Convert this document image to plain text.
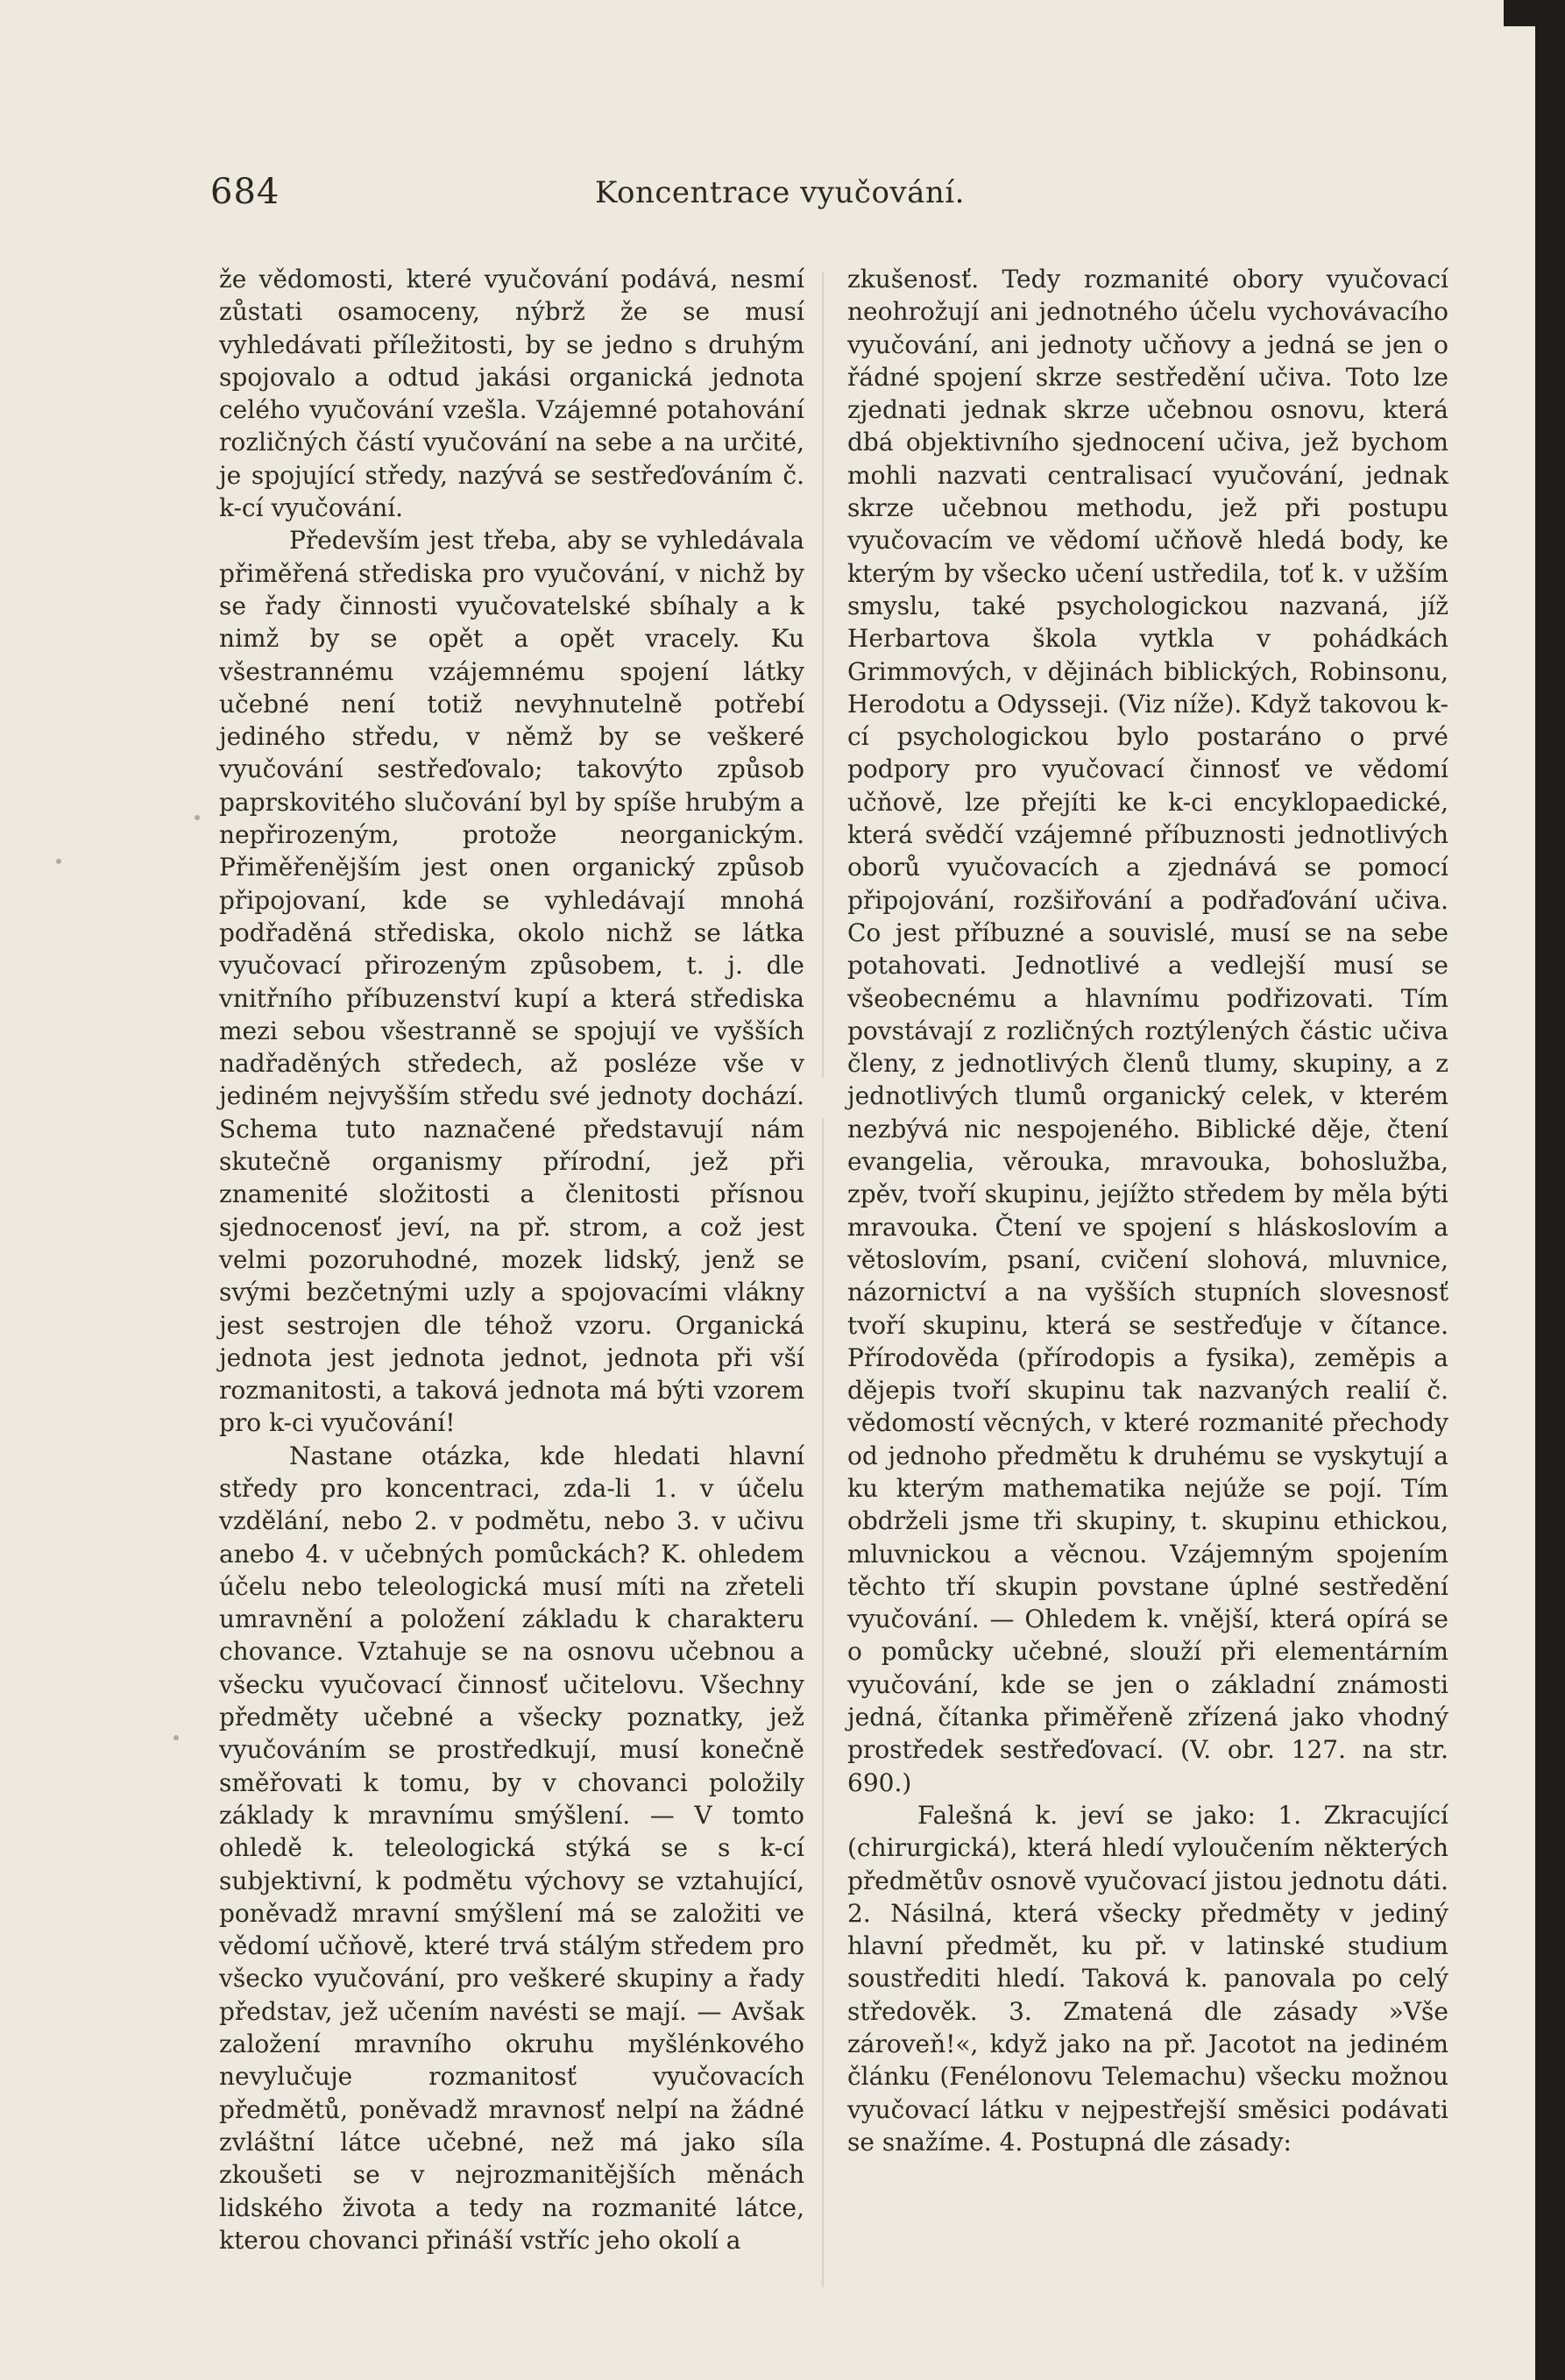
684	Koncentrace vyučování.

že vědomosti, které vyučování podává, nesmí zůstati osamoceny, nýbrž že se musí vyhledávati příležitosti, by se jedno s druhým spojovalo a odtud jakási organická jednota celého vyučování vzešla. Vzájemné potahování rozličných částí vyučování na sebe a na určité, je spojující středy, nazývá se sestřeďováním č. k-cí vyučování.

Především jest třeba, aby se vyhledávala přiměřená střediska pro vyučování, v nichž by se řady činnosti vyučovatelské sbíhaly a k nimž by se opět a opět vracely. Ku všestrannému vzájemnému spojení látky učebné není totiž nevyhnutelně potřebí jediného středu, v němž by se veškeré vyučování sestřeďovalo; takovýto způsob paprskovitého slučování byl by spíše hrubým a nepřirozeným, protože neorganickým. Přiměřenějším jest onen organický způsob připojovaní, kde se vyhledávají mnohá podřaděná střediska, okolo nichž se látka vyučovací přirozeným způsobem, t. j. dle vnitřního příbuzenství kupí a která střediska mezi sebou všestranně se spojují ve vyšších nadřaděných středech, až posléze vše v jediném nejvyšším středu své jednoty dochází. Schema tuto naznačené představují nám skutečně organismy přírodní, jež při znamenité složitosti a členitosti přísnou sjednocenosť jeví, na př. strom, a což jest velmi pozoruhodné, mozek lidský, jenž se svými bezčetnými uzly a spojovacími vlákny jest sestrojen dle téhož vzoru. Organická jednota jest jednota jednot, jednota při vší rozmanitosti, a taková jednota má býti vzorem pro k-ci vyučování!

Nastane otázka, kde hledati hlavní středy pro koncentraci, zda-li 1. v účelu vzdělání, nebo 2. v podmětu, nebo 3. v učivu anebo 4. v učebných pomůckách? K. ohledem účelu nebo teleologická musí míti na zřeteli umravnění a položení základu k charakteru chovance. Vztahuje se na osnovu učebnou a všecku vyučovací činnosť učitelovu. Všechny předměty učebné a všecky poznatky, jež vyučováním se prostředkují, musí konečně směřovati k tomu, by v chovanci položily základy k mravnímu smýšlení. — V tomto ohledě k. teleologická stýká se s k-cí subjektivní, k podmětu výchovy se vztahující, poněvadž mravní smýšlení má se založiti ve vědomí učňově, které trvá stálým středem pro všecko vyučování, pro veškeré skupiny a řady představ, jež učením navésti se mají. — Avšak založení mravního okruhu myšlénkového nevylučuje rozmanitosť vyučovacích předmětů, poněvadž mravnosť nelpí na žádné zvláštní látce učebné, než má jako síla zkoušeti se v nejrozmanitějších měnách lidského života a tedy na rozmanité látce, kterou chovanci přináší vstříc jeho okolí a

zkušenosť. Tedy rozmanité obory vyučovací neohrožují ani jednotného účelu vychovávacího vyučování, ani jednoty učňovy a jedná se jen o řádné spojení skrze sestředění učiva. Toto lze zjednati jednak skrze učebnou osnovu, která dbá objektivního sjednocení učiva, jež bychom mohli nazvati centralisací vyučování, jednak skrze učebnou methodu, jež při postupu vyučovacím ve vědomí učňově hledá body, ke kterým by všecko učení ustředila, toť k. v užším smyslu, také psychologickou nazvaná, jíž Herbartova škola vytkla v pohádkách Grimmových, v dějinách biblických, Robinsonu, Herodotu a Odysseji. (Viz níže). Když takovou k-cí psychologickou bylo postaráno o prvé podpory pro vyučovací činnosť ve vědomí učňově, lze přejíti ke k-ci encyklopaedické, která svědčí vzájemné příbuznosti jednotlivých oborů vyučovacích a zjednává se pomocí připojování, rozšiřování a podřaďování učiva. Co jest příbuzné a souvislé, musí se na sebe potahovati. Jednotlivé a vedlejší musí se všeobecnému a hlavnímu podřizovati. Tím povstávají z rozličných roztýlených částic učiva členy, z jednotlivých členů tlumy, skupiny, a z jednotlivých tlumů organický celek, v kterém nezbývá nic nespojeného. Biblické děje, čtení evangelia, věrouka, mravouka, bohoslužba, zpěv, tvoří skupinu, jejížto středem by měla býti mravouka. Čtení ve spojení s hláskoslovím a větoslovím, psaní, cvičení slohová, mluvnice, názornictví a na vyšších stupních slovesnosť tvoří skupinu, která se sestřeďuje v čítance. Přírodověda (přírodopis a fysika), zeměpis a dějepis tvoří skupinu tak nazvaných realií č. vědomostí věcných, v které rozmanité přechody od jednoho předmětu k druhému se vyskytují a ku kterým mathematika nejúže se pojí. Tím obdrželi jsme tři skupiny, t. skupinu ethickou, mluvnickou a věcnou. Vzájemným spojením těchto tří skupin povstane úplné sestředění vyučování. — Ohledem k. vnější, která opírá se o pomůcky učebné, slouží při elementárním vyučování, kde se jen o základní známosti jedná, čítanka přiměřeně zřízená jako vhodný prostředek sestřeďovací. (V. obr. 127. na str. 690.)

Falešná k. jeví se jako: 1. Zkracující (chirurgická), která hledí vyloučením některých předmětův osnově vyučovací jistou jednotu dáti. 2. Násilná, která všecky předměty v jediný hlavní předmět, ku př. v latinské studium soustřediti hledí. Taková k. panovala po celý středověk. 3. Zmatená dle zásady »Vše zároveň!«, když jako na př. Jacotot na jediném článku (Fenélonovu Telemachu) všecku možnou vyučovací látku v nejpestřejší směsici podávati se snažíme. 4. Postupná dle zásady:
